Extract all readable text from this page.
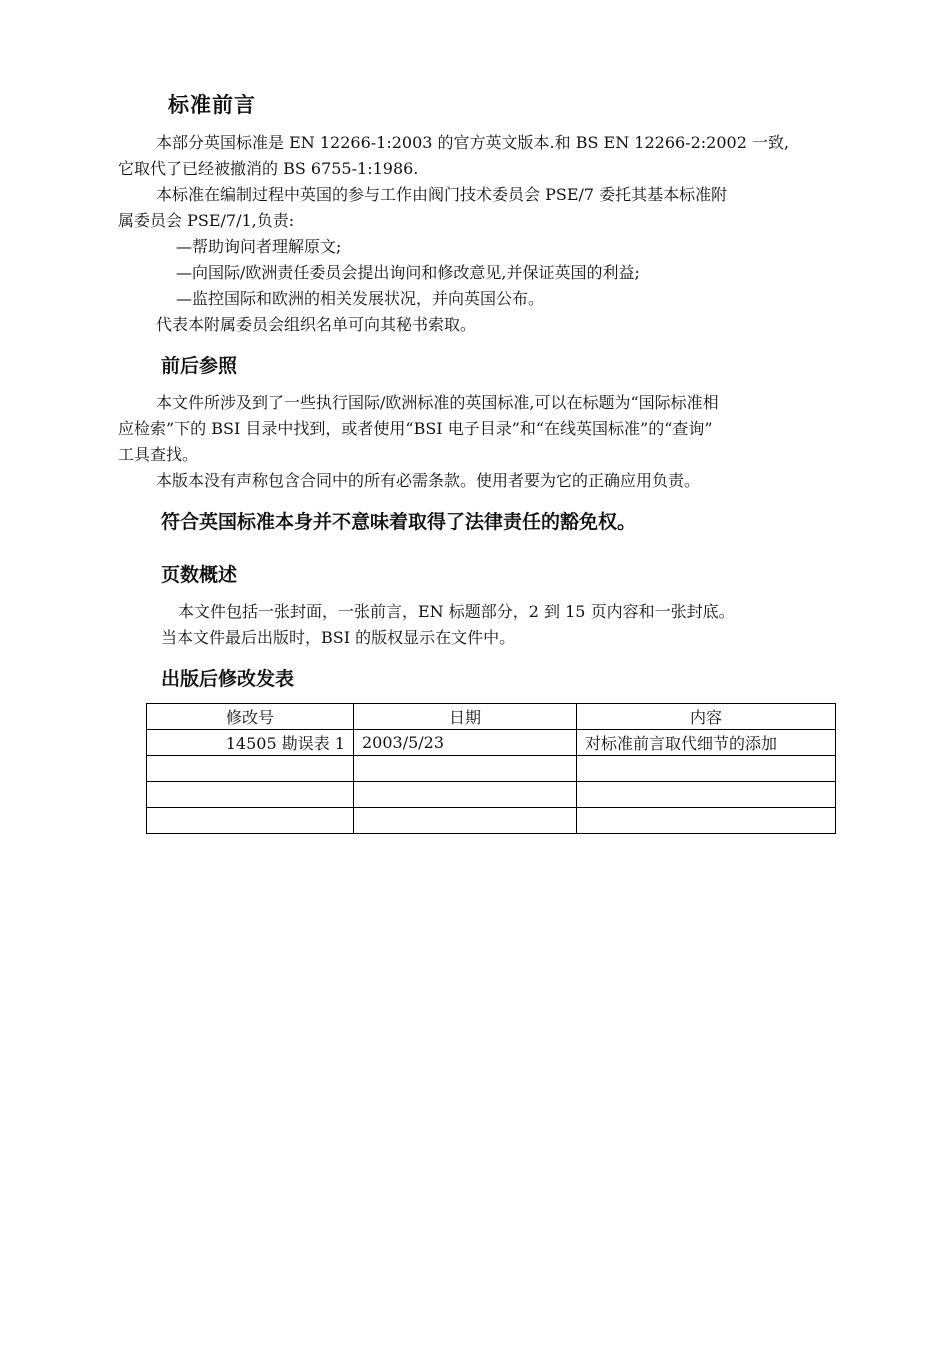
标准前言
本部分英国标准是 EN 12266-1:2003 的官方英文版本.和 BS EN 12266-2:2002 一致,
它取代了已经被撤消的 BS 6755-1:1986.
本标准在编制过程中英国的参与工作由阀门技术委员会 PSE/7 委托其基本标准附
属委员会 PSE/7/1,负责:
—帮助询问者理解原文;
—向国际/欧洲责任委员会提出询问和修改意见,并保证英国的利益;
—监控国际和欧洲的相关发展状况，并向英国公布。
代表本附属委员会组织名单可向其秘书索取。
前后参照
本文件所涉及到了一些执行国际/欧洲标准的英国标准,可以在标题为“国际标准相
应检索”下的 BSI 目录中找到，或者使用“BSI 电子目录”和“在线英国标准”的“查询”
工具查找。
本版本没有声称包含合同中的所有必需条款。使用者要为它的正确应用负责。
符合英国标准本身并不意味着取得了法律责任的豁免权。
页数概述
本文件包括一张封面，一张前言，EN 标题部分，2 到 15 页内容和一张封底。
当本文件最后出版时，BSI 的版权显示在文件中。
出版后修改发表
修改号	日期	内容
14505 勘误表 1	2003/5/23	对标准前言取代细节的添加
